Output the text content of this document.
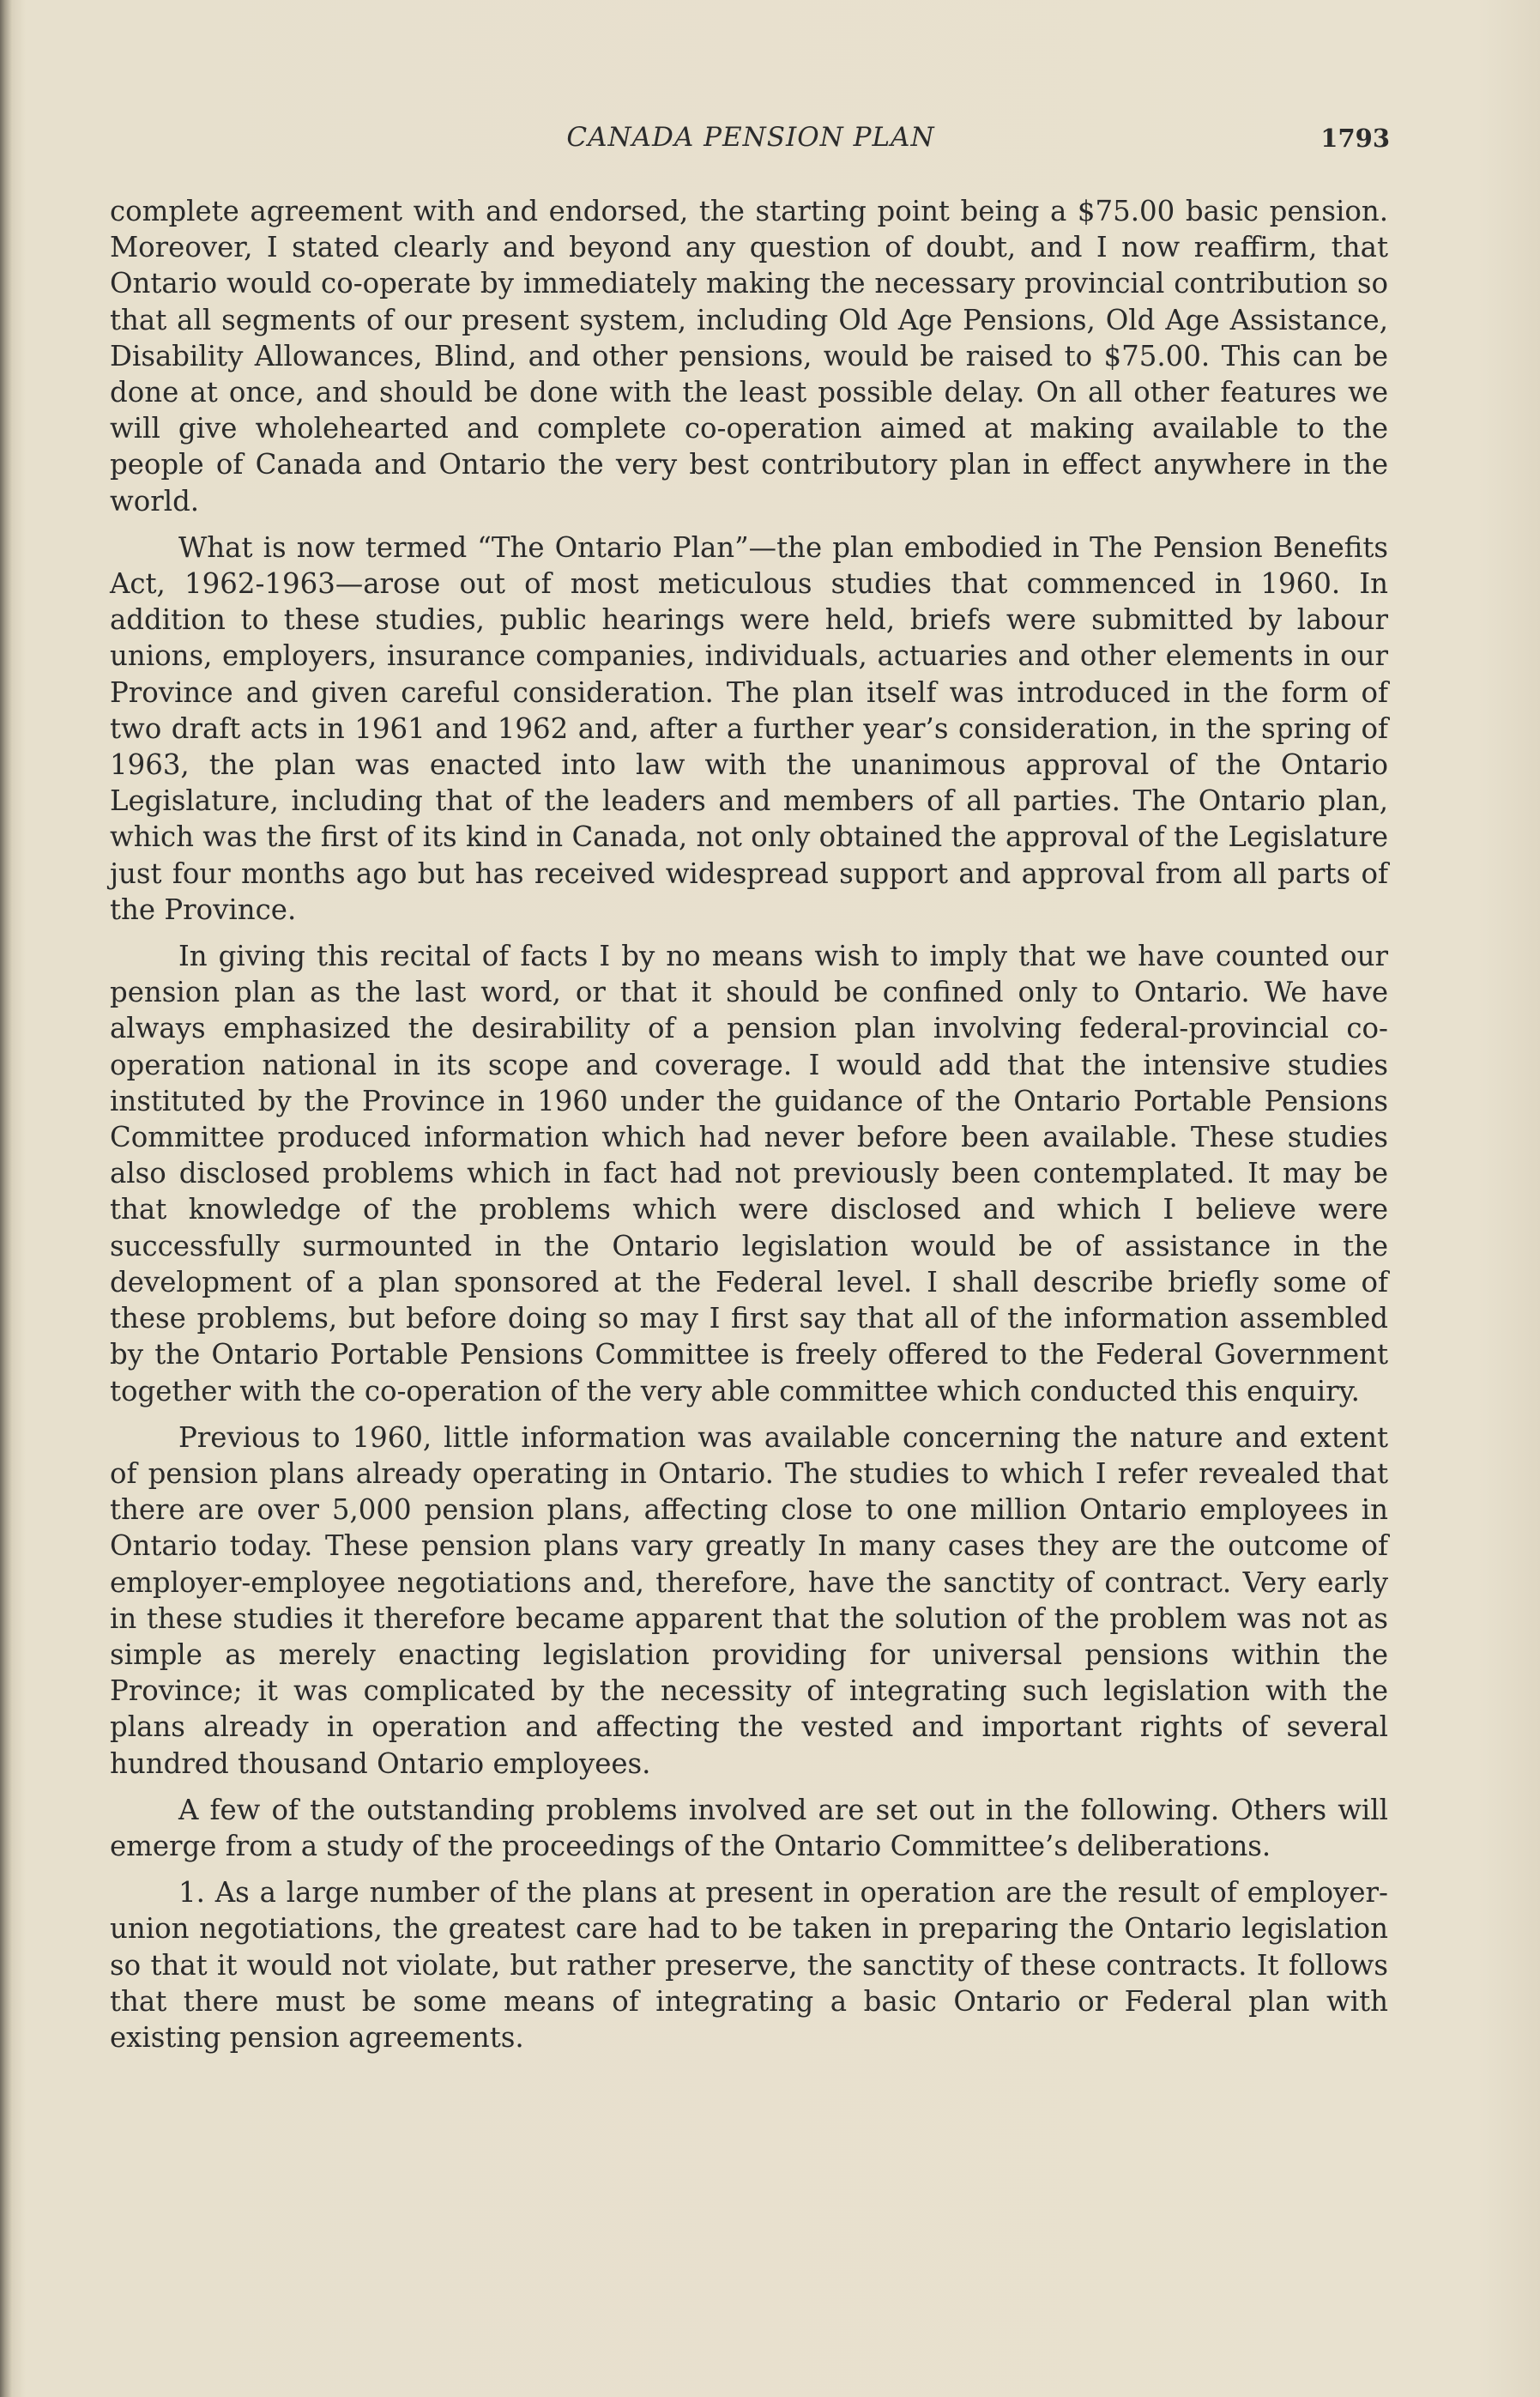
CANADA PENSION PLAN	1793

complete agreement with and endorsed, the starting point being a $75.00 basic pension. Moreover, I stated clearly and beyond any question of doubt, and I now reaffirm, that Ontario would co-operate by immediately making the necessary provincial contribution so that all segments of our present system, including Old Age Pensions, Old Age Assistance, Disability Allowances, Blind, and other pensions, would be raised to $75.00. This can be done at once, and should be done with the least possible delay. On all other features we will give wholehearted and complete co-operation aimed at making available to the people of Canada and Ontario the very best contributory plan in effect anywhere in the world.

What is now termed “The Ontario Plan”—the plan embodied in The Pension Benefits Act, 1962-1963—arose out of most meticulous studies that commenced in 1960. In addition to these studies, public hearings were held, briefs were submitted by labour unions, employers, insurance companies, individuals, actuaries and other elements in our Province and given careful consideration. The plan itself was introduced in the form of two draft acts in 1961 and 1962 and, after a further year’s consideration, in the spring of 1963, the plan was enacted into law with the unanimous approval of the Ontario Legislature, including that of the leaders and members of all parties. The Ontario plan, which was the first of its kind in Canada, not only obtained the approval of the Legislature just four months ago but has received widespread support and approval from all parts of the Province.

In giving this recital of facts I by no means wish to imply that we have counted our pension plan as the last word, or that it should be confined only to Ontario. We have always emphasized the desirability of a pension plan involving federal-provincial co-operation national in its scope and coverage. I would add that the intensive studies instituted by the Province in 1960 under the guidance of the Ontario Portable Pensions Committee produced information which had never before been available. These studies also disclosed problems which in fact had not previously been contemplated. It may be that knowledge of the problems which were disclosed and which I believe were successfully surmounted in the Ontario legislation would be of assistance in the development of a plan sponsored at the Federal level. I shall describe briefly some of these problems, but before doing so may I first say that all of the information assembled by the Ontario Portable Pensions Committee is freely offered to the Federal Government together with the co-operation of the very able committee which conducted this enquiry.

Previous to 1960, little information was available concerning the nature and extent of pension plans already operating in Ontario. The studies to which I refer revealed that there are over 5,000 pension plans, affecting close to one million Ontario employees in Ontario today. These pension plans vary greatly In many cases they are the outcome of employer-employee negotiations and, therefore, have the sanctity of contract. Very early in these studies it therefore became apparent that the solution of the problem was not as simple as merely enacting legislation providing for universal pensions within the Province; it was complicated by the necessity of integrating such legislation with the plans already in operation and affecting the vested and important rights of several hundred thousand Ontario employees.

A few of the outstanding problems involved are set out in the following. Others will emerge from a study of the proceedings of the Ontario Committee’s deliberations.

1. As a large number of the plans at present in operation are the result of employer-union negotiations, the greatest care had to be taken in preparing the Ontario legislation so that it would not violate, but rather preserve, the sanctity of these contracts. It follows that there must be some means of integrating a basic Ontario or Federal plan with existing pension agreements.
